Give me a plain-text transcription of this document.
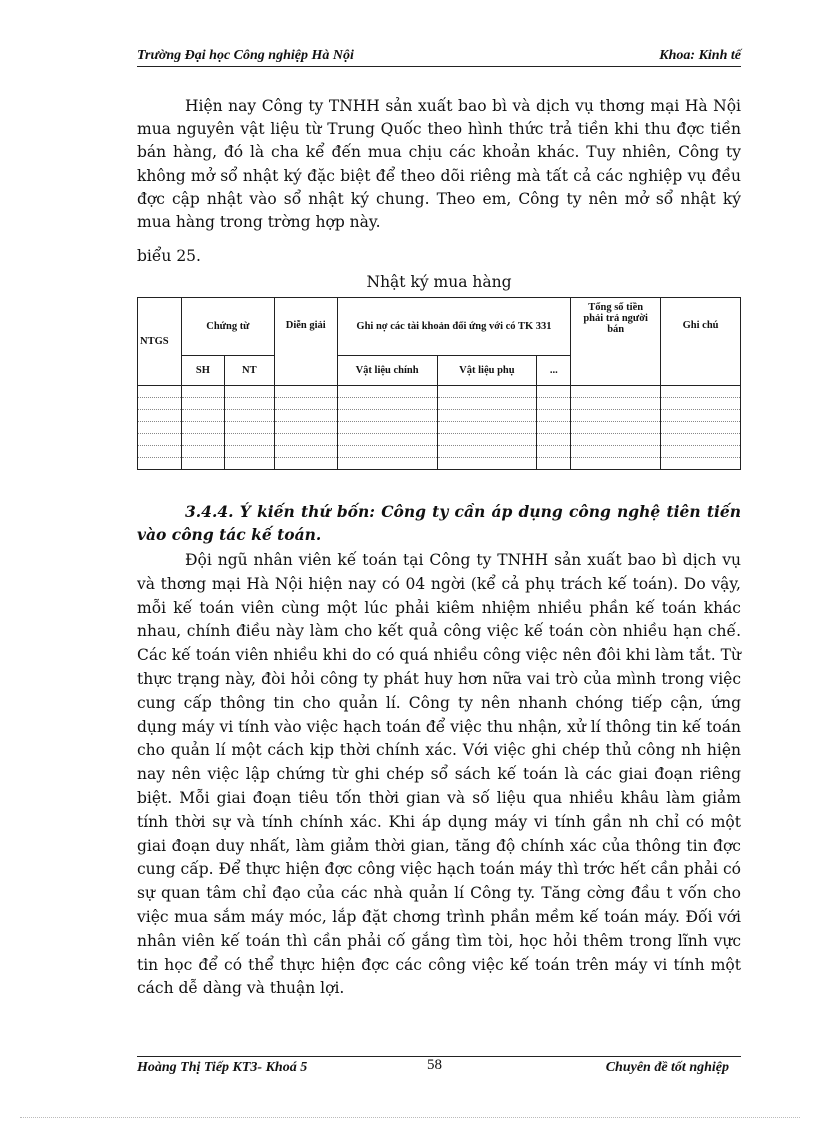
Trường Đại học Công nghiệp Hà Nội	Khoa: Kinh tế
Hiện nay Công ty TNHH sản xuất bao bì và dịch vụ thơng mại Hà Nội mua nguyên vật liệu từ Trung Quốc theo hình thức trả tiền khi thu đợc tiền bán hàng, đó là cha kể đến mua chịu các khoản khác. Tuy nhiên, Công ty không mở sổ nhật ký đặc biệt để theo dõi riêng mà tất cả các nghiệp vụ đều đợc cập nhật vào sổ nhật ký chung. Theo em, Công ty nên mở sổ nhật ký mua hàng trong trờng hợp này.
biểu 25.
Nhật ký mua hàng
NTGS	Chứng từ		Diễn giải	Ghi nợ các tài khoản đối ứng với có TK 331			Tổng số tiền phải trả người bán	Ghi chú
	SH	NT		Vật liệu chính	Vật liệu phụ	...		

3.4.4. Ý kiến thứ bốn: Công ty cần áp dụng công nghệ tiên tiến vào công tác kế toán.
Đội ngũ nhân viên kế toán tại Công ty TNHH sản xuất bao bì dịch vụ và thơng mại Hà Nội hiện nay có 04 ngời (kể cả phụ trách kế toán). Do vậy, mỗi kế toán viên cùng một lúc phải kiêm nhiệm nhiều phần kế toán khác nhau, chính điều này làm cho kết quả công việc kế toán còn nhiều hạn chế. Các kế toán viên nhiều khi do có quá nhiều công việc nên đôi khi làm tắt. Từ thực trạng này, đòi hỏi công ty phát huy hơn nữa vai trò của mình trong việc cung cấp thông tin cho quản lí. Công ty nên nhanh chóng tiếp cận, ứng dụng máy vi tính vào việc hạch toán để việc thu nhận, xử lí thông tin kế toán cho quản lí một cách kịp thời chính xác. Với việc ghi chép thủ công nh hiện nay nên việc lập chứng từ ghi chép sổ sách kế toán là các giai đoạn riêng biệt. Mỗi giai đoạn tiêu tốn thời gian và số liệu qua nhiều khâu làm giảm tính thời sự và tính chính xác. Khi áp dụng máy vi tính gần nh chỉ có một giai đoạn duy nhất, làm giảm thời gian, tăng độ chính xác của thông tin đợc cung cấp. Để thực hiện đợc công việc hạch toán máy thì trớc hết cần phải có sự quan tâm chỉ đạo của các nhà quản lí Công ty. Tăng cờng đầu t vốn cho việc mua sắm máy móc, lắp đặt chơng trình phần mềm kế toán máy. Đối với nhân viên kế toán thì cần phải cố gắng tìm tòi, học hỏi thêm trong lĩnh vực tin học để có thể thực hiện đợc các công việc kế toán trên máy vi tính một cách dễ dàng và thuận lợi.
Hoàng Thị Tiếp KT3- Khoá 5	58	Chuyên đề tốt nghiệp
